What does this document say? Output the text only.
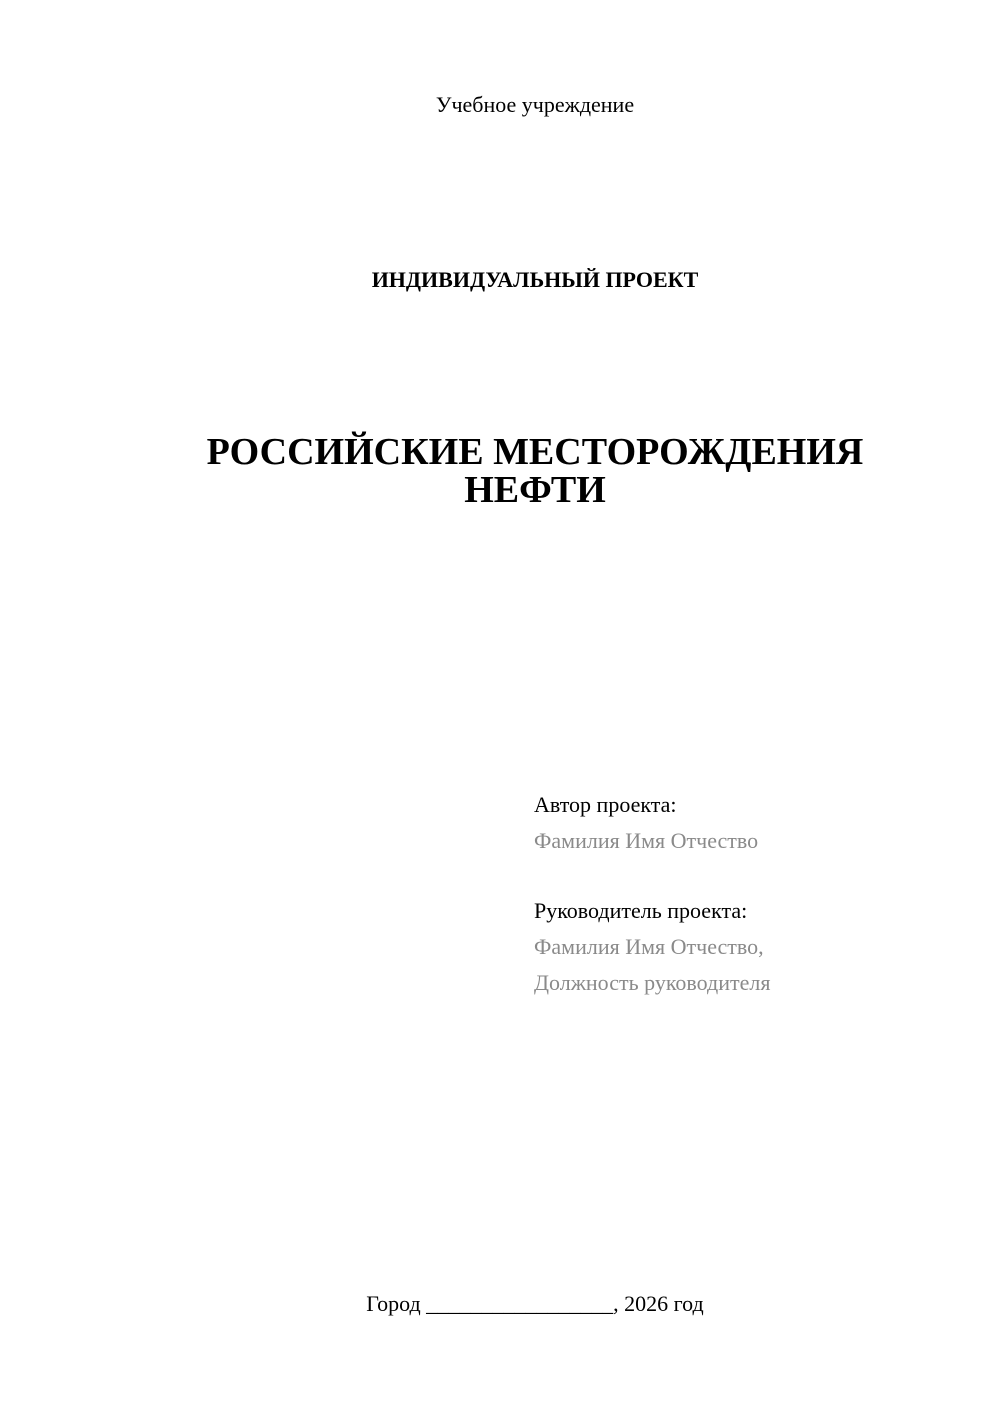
Учебное учреждение
ИНДИВИДУАЛЬНЫЙ ПРОЕКТ
РОССИЙСКИЕ МЕСТОРОЖДЕНИЯ
НЕФТИ
Автор проекта:
Фамилия Имя Отчество
Руководитель проекта:
Фамилия Имя Отчество,
Должность руководителя
Город _________________, 2026 год
